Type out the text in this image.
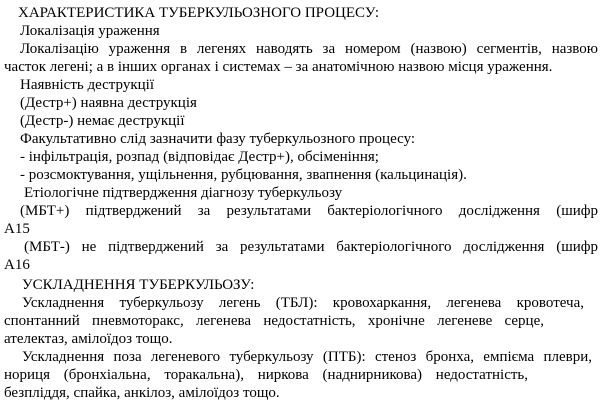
ХАРАКТЕРИСТИКА ТУБЕРКУЛЬОЗНОГО ПРОЦЕСУ:
Локалізація ураження
Локалізацію ураження в легенях наводять за номером (назвою) сегментів, назвою
часток легені; а в інших органах і системах – за анатомічною назвою місця ураження.
Наявність деструкції
(Дестр+) наявна деструкція
(Дестр-) немає деструкції
Факультативно слід зазначити фазу туберкульозного процесу:
- інфільтрація, розпад (відповідає Дестр+), обсіменіння;
- розсмоктування, ущільнення, рубцювання, звапнення (кальцинація).
Етіологічне підтвердження діагнозу туберкульозу
(МБТ+) підтверджений за результатами бактеріологічного дослідження (шифр
А15
(МБТ-) не підтверджений за результатами бактеріологічного дослідження (шифр
А16
УСКЛАДНЕННЯ ТУБЕРКУЛЬОЗУ:
Ускладнення туберкульозу легень (ТБЛ): кровохаркання, легенева кровотеча,
спонтанний пневмоторакс, легенева недостатність, хронічне легеневе серце,
ателектаз, амілоїдоз тощо.
Ускладнення поза легеневого туберкульозу (ПТБ): стеноз бронха, емпієма плеври,
нориця (бронхіальна, торакальна), ниркова (наднирникова) недостатність,
безпліддя, спайка, анкілоз, амілоїдоз тощо.
